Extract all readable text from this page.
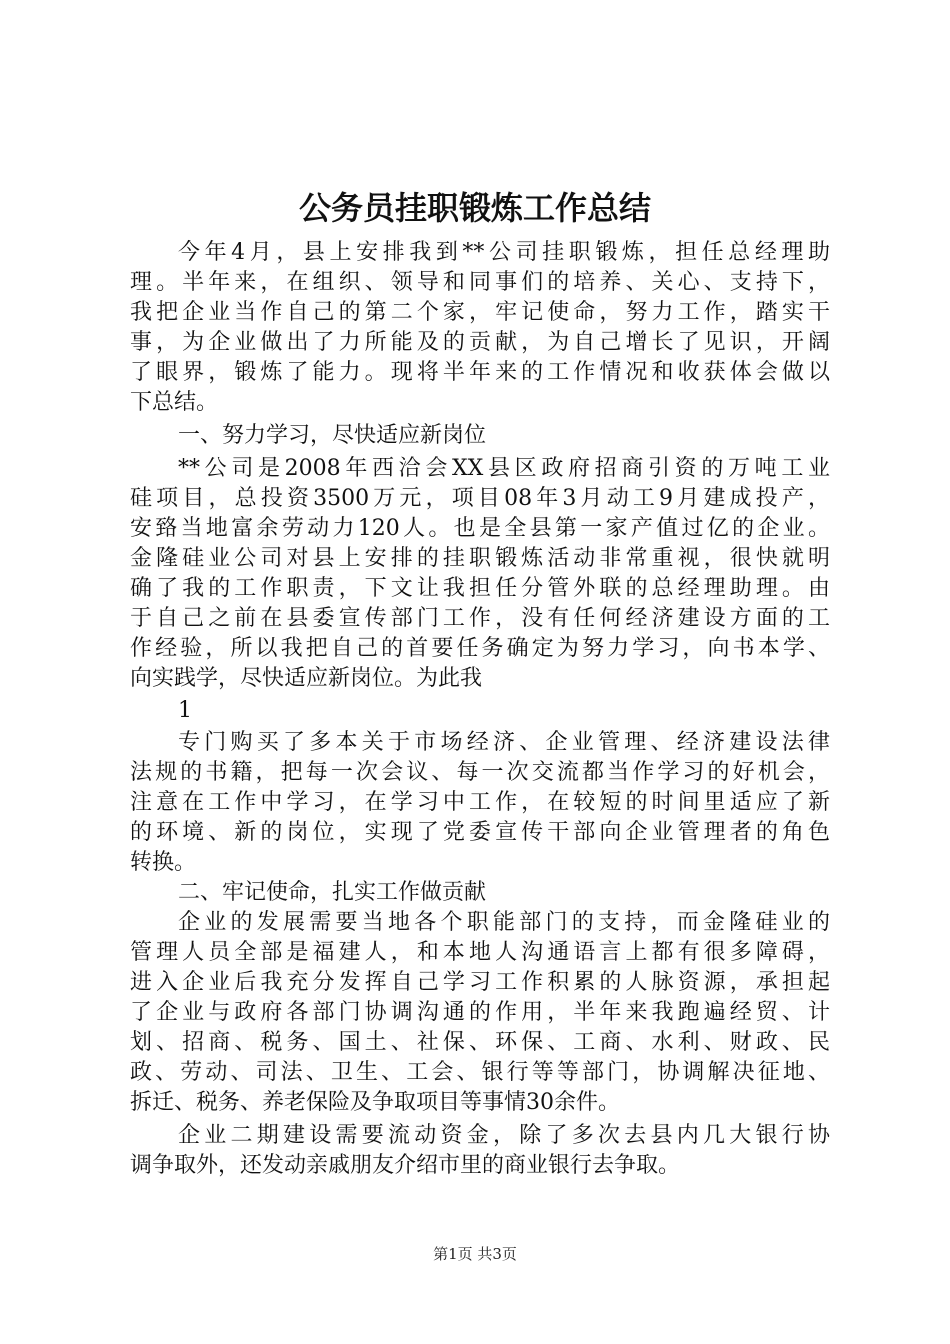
公务员挂职锻炼工作总结
今年4月，县上安排我到**公司挂职锻炼，担任总经理助
理。半年来，在组织、领导和同事们的培养、关心、支持下，
我把企业当作自己的第二个家，牢记使命，努力工作，踏实干
事，为企业做出了力所能及的贡献，为自己增长了见识，开阔
了眼界，锻炼了能力。现将半年来的工作情况和收获体会做以
下总结。
一、努力学习，尽快适应新岗位
**公司是2008年西洽会XX县区政府招商引资的万吨工业
硅项目，总投资3500万元，项目08年3月动工9月建成投产，
安臵当地富余劳动力120人。也是全县第一家产值过亿的企业。
金隆硅业公司对县上安排的挂职锻炼活动非常重视，很快就明
确了我的工作职责，下文让我担任分管外联的总经理助理。由
于自己之前在县委宣传部门工作，没有任何经济建设方面的工
作经验，所以我把自己的首要任务确定为努力学习，向书本学、
向实践学，尽快适应新岗位。为此我
1
专门购买了多本关于市场经济、企业管理、经济建设法律
法规的书籍，把每一次会议、每一次交流都当作学习的好机会，
注意在工作中学习，在学习中工作，在较短的时间里适应了新
的环境、新的岗位，实现了党委宣传干部向企业管理者的角色
转换。
二、牢记使命，扎实工作做贡献
企业的发展需要当地各个职能部门的支持，而金隆硅业的
管理人员全部是福建人，和本地人沟通语言上都有很多障碍，
进入企业后我充分发挥自己学习工作积累的人脉资源，承担起
了企业与政府各部门协调沟通的作用，半年来我跑遍经贸、计
划、招商、税务、国土、社保、环保、工商、水利、财政、民
政、劳动、司法、卫生、工会、银行等等部门，协调解决征地、
拆迁、税务、养老保险及争取项目等事情30余件。
企业二期建设需要流动资金，除了多次去县内几大银行协
调争取外，还发动亲戚朋友介绍市里的商业银行去争取。
第1页 共3页
